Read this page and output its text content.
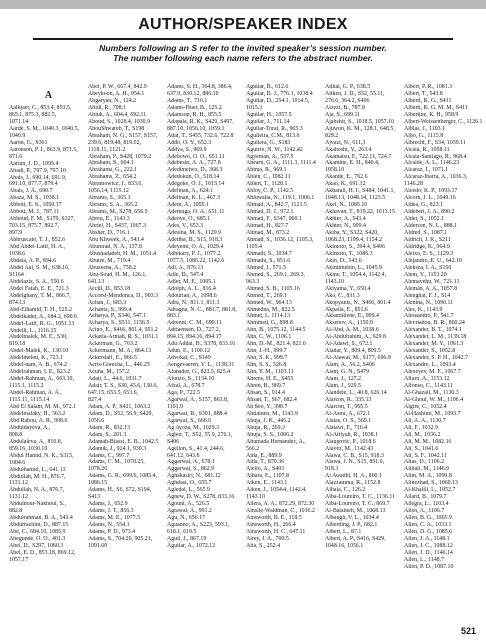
AUTHOR/SPEAKER INDEX
Numbers following an S refer to the invited speaker’s session number.
The number following each name refers to the abstract number.
A
Aalkjaer, C., 853.4, 853.5,
865.1, 875.3, 882.5,
1071.14
Aarde, S. M., 1040.3, 1040.5,
1040.9
Aaron, G., S361
Aaronson, P. I., 863.9, 871.5,
871.6
Aartun, J. D., 1095.4
Abadi, P., 797.9, 797.10
Abais, J., 690.14, 691.9,
691.10, 877.7, 879.4
Abais, J. A., 690.7
Abaza, M. S., 1038.1
Abbott, E. S., 1050.17
Abbott, M. J., 787.11
Abboud, F. M., S179, S327,
703.15, 875.7, 892.7,
897.9
Abbruscato, T. J., 852.6
Abd Abdel-Latif, H. A.,
1038.6
Abdala, A. P., 894.6
Abdel Aal, S. M., 638.16,
S1164
Abdelaziz, S. A., 550.6
Abdel Fatah, E. E., 721.3
Abdelghany, T. M., 866.7,
874.13
Abd-Elhamid, T. H., 525.2
Abdelkader, A., 684.2, 690.6
Abdel-Latif, R. G., 1051.13
Abdelli, L., 1116.15
Abdelmalek, M. E., S30,
819.18
Abdel-Malek, K., 130.10
Abdelmelou, K., 723.1
Abdel-nam, A. B., 674.2
Abdelrahman, I. E., 823.2
Abdel-Rahman, A., 663.10,
1115.1, 1115.2
Abdel-Rahman, A. A.,
1115.11, 1115.14
Abd El Salam, M. M., 972.1
Abdelmalaky, H., 363.2
Abd Rabou, A. R., 908.6
Abduldayeva, A.,
808.8
Abdulaleva, A., 810.8,
859.16, 1030.10
Abdul Hamid, N. K., S315,
1004.6
Abdulhamid, L., 641.13
Abdullah, M. H., 876.7,
1131.12
Abdullah, N. A., 876.7,
1131.12
Abdulnour-Nakhoul, S.,
882.8
Abdulrahman, B. A., 543.4
Abdurrachim, D., 887.15
Abe, C., 684.10, 1085.9
Abegunde, O. O., 401.3
Abei, D., S297, 1060.3
Abel, E. D., 853.18, 869.12,
1057.17
Abel, P. W., 667.4, 842.9
Abeykoon, A. H., 954.1
Abgaryan, N., 124.2
Abidi, R., 708.1
Abiuk, A., 604.4, 692.11
Aboud, S., 1028.4, 1030.9
AbouShwareb, T., S198
Abraham, N. G., S157, S157,
239.6, 819.48, 819.52,
1118.11, 1121.2
Abraham, P., S428, 1079.2
Abraham, S., 604.1
Abrahams, G., 222.1
Abrahams, Z., 654.2
Abramowicz, J., 833.6,
1056.14, 1115.12
Abrams, S., 365.1
Abrams, S. A., 365.2
Abrams, M., S278, 656.5
Abreu, E., 1143.3
Abriel, H., S437, 1067.3
Absher, D., 716.1
Abu Khweek, A., 543.4
Abumrad, N. A., 137.8
Abushadadeh, H. M., 1051.4
Abutre, M., 719.4
Abuzeena, A., 758.2
Abu-Soud, H. M., 126.1,
641.13
Accili, D., 853.18
Accorsi-Mendonca, D., 903.3
Achan, J., 683.3
Achanta, S., 999.4
Acharya, P., S346, 547.1
Acharya, S., S511, 1156.5
Acino, E., S466, 801.4, 951.2
Ackatia-Armah, R. S., 1031.1
Ackerman, G., 763.2
Ackermann, M. A., 864.13
Ackerstaff, E., 966.5
Acris-Gorecha, L., 446.25
Acuña, M., 157.2
Adair, L., 44.6, 1031.7
Adair, T. S., S30, 43.6, 130.6,
647.15, 653.5, 653.6,
827.4
Adam, A. P., S421, 1063.2
Adam, D., S52, 56.9, S429,
1056.6
Adam, R., 832.13
Adam, S., 201.3
Adamah-Biassi, E. B., 1042.5
Adamik, J., 924.1, 930.3
Adams, C., 997.7
Adams, C. M., 1078.25,
1078.26
Adams, G. R., 699.6, 1085.4,
1086.15
Adams, H., S6, S72, S194,
S413
Adams, J., 652.9
Adams, J. T., 856.3
Adams, M. E., 1077.5
Adams, N., 554.1
Adams, P. D., 973.4
Adams, S., 704.20, 905.21,
1091.60
Adams, S. H., 364.8, 386.4,
637.9, 830.12, 886.10
Adams, T., 710.1
Adams-Huet, B., 125.2
Adamson, R. H., 855.5
Adapala, R. K., S429, S497,
887.10, 1056.10, 1059.1
Adar, T., S455, 732.6, 722.8
Addo, O. Y., 652.3
Addya, S., 969.9
Adebowo, O. O., 651.11
Adebesin, A. A., 727.8
Adedimeiwo, D., 368.3
Adedokun, O., 518.14
Adegoke, O. J., 1013.14
Adelman, A., 624.1
Adelman, K. L., 467.3
Adem, A., 1055.1
Ademuga, O. A., 651.11
Adeoye, O., 685.1
Ades, V., 653.3
Adesina, M. S., 1129.9
Adetiba, B., S15, 918.3
Adeyemi, O. A., 1029.4
Adhikary, P. J., 1077.2,
1077.5, 1086.22, 1142.6
Adi, A., 876.13
Adle, D., 547.4
Adler, M. E., 1005.1
Adolph, A. L., 816.4
Adourian, A., 1098.6
Adra, N., 811.1, 811.3
Adragna, N. C., 881.7, 881.8,
883.1
Adrenni, C. M., 690.11
Adriaensen, D., 727.2,
894.15, 894.16, 894.17
Adu Addai, B., S378, 833.16
Adun, E., 1100.12
Advokat, C., S149
Aengevaeren, V. L., 1138.31
Afanador, G., 823.5, 825.4
Afonzo, S., 1134.10
Afzal, A., 678.7
Aga, P., 722.5
Agarwal, A., S157, 863.8,
1101.9
Agarwal, B., S301, 888.4
Agarwal, S., 666.6
Ag Ayoza, M., 1029.3
Agbor, T., S52, 55.9, 276.1,
S406
Agellon, S., 41.4, 244.6,
641.12, 643.8
Aggarwal, A., 678.1
Aggarwal, S., 862.9
Aghakasiri, N., 681.12
Aghdasi, O., 655.7
Agledal, L., 565.9
Agnew, D. W., S278, 833.16
Agouni, A., 526.5
Agrawal, A., 991.2
Agu, N., 656.17
Aguanno, A., S223, 593.1,
618.1, 619.5
Aguil, J., 867.19
Aguilar, A., 1072.12
Aguilar, B., 612.6
Aguilar, B. J., 776.1, 1038.4
Aguilar, D., 254.1, 1014.5,
1015.3
Aguilar, H., 1057.5
Aguilar, J., 711.14
Aguilar-Toral, R., 965.3
Aguileira, C.M., 813.6
Aguilera, G., S183
Aguirre, N. W., 1142.42
Agyeman, A., 537.5
Ahearn, G. A., 1111.3, 1111.4
Ahima, R., 969.1
Ahlén, C., 1082.11
Ahlert, T., 1120.1
Ahloy, C. P., 1142.5
Ahluwalia, N., 119.1, 1006.1
Ahmad, A., 842.7, 1121.5
Ahmad, D. J., 972.1
Ahmad, F., S347, 960.1
Ahmad, H., 827.7
Ahmad, M., 873.2
Ahmad, S., 1036.12, 1105.3,
1105.4
Ahmadi, S., 1034.7
Ahmadu, S., 851.6
Ahmed, I., 571.5
Ahmed, S., 269.1, 269.3,
963.3
Ahmed, S. B., 1105.16
Ahmed, T., 269.1
Ahmed, W., 964.13
Ahmedna, M., 822.5
Ahmet, I., 1114.13
Ahmmed, G., 898.8
Ahn, B., 1075.12, 1144.5
Ahn, C. W., 1106.1
Ahn, D.-M., 821.4, 821.6
Ahn, J.-H., 999.7
Ahn, S. K., 999.7
Ahn, S. S., 526.8
Ahn, Y. M., 1103.11
Ahrens, H. E., S455
Ahrén, B., 969.7
Ahsan, S., 914.4
Ahsan, T., S67, 682.4
Ah Seo, Y., 390.7
Ahtiainen, M., 1143.9
Ahuja, J. K., 445.2
Ahuja, R., 269.3
Ahuja, S. S., 1006.2
Ahumada Hernández, A.,
566.2
Aida, E., 889.9
Aida, T., 870.36
Aiello, A., S493
Aihara, E., 1107.8
Aiken, E., 1143.1
Aiken, J., 1054.4, 1142.4,
1143.10
Ailera, A. A., 872.29, 872.30
Ainslie-Waldman, C., 1016.2
Ainsworth, B. E., 118.5
Ainsworth, H., 266.4
Ainsworth, H. C., 647.11
Airey, J. A., 700.5
Aita, S., 252.4
Aithal, G. P., 638.5
Aitken, J. D., S52, 55.11,
276.6, 364.2, S406
Aizezi, B., 787.8
Aja, S., 699.11
Ajabshir, S., 1018.5, 1057.10
Ajuwon, K. M., 128.1, 648.5,
829.2
Ajvazi, N., 611.3
Akahoshi, Y., 263.4
Akamatsu, F., 722.11, 724.7
Akamine, E. H., 840.4,
1058.10
Akande, E., 762.6
Akao, K., 691.12
Akbarali, H. I., S484, 1041.1,
1048.13, 1048.14, 1123.5
Akel, N., 1085.10
Akhavan, T., 819.22, 1013.15
Akhter, A., 543.4
Akhter, N., 909.4
Akiba, Y., S322, S420,
1068.23, 1109.4, 1154.2
Akimoto, S., 394.4, S406
Akimoto, T., 1086.3
Akin, D., 543.6
Akintimehin, L., 1045.9
Akins, T., 1054.4, 1142.4,
1143.10
Akiyama, Y., 650.4
Ako, C., 831.3
Akopyants, N., S466, 801.4
Akpaila, E., 851.6
Aksamitiene, E., 999.4
Aksenov, A., 1150.9
Al-Abd, A. M., 1038.6
Al-Abdulrahim, A., 629.8
Al-Adawi, S., 672.1
Aladar, Y., 809.4, 809.5
Al-Alawai, M., S177, 696.9
Alam, A., 56.2, S406
Alam, G. N., S479
Alam, J., 127.2
Alam, J., 929.5
Alandete, L., 40.8, 626.14
Alarcon, R., 335.13
Alarcon, T., 965.5
Al-Asmi, A., 672.1
Alatas, O. S., 569.1
Alatawi, F., 716.4
Al-Attiyah, R., 1038.1
Alaupovic, P., 1018.6
Alavez, M., 1142.43
Alawa, C. B., S15, 918.3
Alawa, J. N., S15, 851.6,
918.3
Al Awadhi, H. A., 800.1
Alazzamma, R., 1152.8
Albala, C., 126.2
Alba-Loureiro, T. C., 1136.11
Alba-Loureiro, T. C., 869.7
Al-Bataineh, M., 1068.13
Albaugh, V. L., 1034.4
Alberding, J. P., 682.1
Albert, L., 87.1
Albert, A. P., S416, S429,
1048.16, 1056.1
Albert, P. R., 1081.3
Albert, T., 543.8
Alberti, K. G., S411
Alberti, K. G. M. M., S411
Albertine, K. H., 958.9
Albert-Weissenberger, C., 1126.1
Alblas, J., 1103.1
Albo, G., 1115.8
Albrecht, F., S34, 1039.11
Alcala, R., 1058.11
Alcala-Santiago, R., 968.4
Alcalde, A. L., 1146.23
Alcaraz, J., 1071.1
Alcaraz-Ibarra, A., 1036.3,
1146.28
Alcedo, K. P., 1093.17
Alcorn, J. L., 1049.16
Aldea, G., 823.1
Aldebert, J. A., 890.2
Alder, S., 1052.1
Alderson, N. L., 888.1
Aldred, S., 1087.1
Aldrich, J. K., S211
Aldridge, K., 904.9
Aleixo, E. S., 1129.3
Alejandro, E. U., 642.10
Aleksza, I. A., S150
Alem, Y., 1153.20
Alemayehu, W., 721.13
Alemán, A. A., 1057.8
Alenghat, F. J., S14
Alenina, N., 1090.11
Ales, K., 1143.9
Alessandro, P., 541.7
Alevriadou, B. R., 860.24
Alexander, B. T., 1074.1
Alexander, L. M., 1139.18
Alexander, M. Y., 1061.3
Alexander, S., 1052.8
Alexander, S. P. H., 1042.7
Alexandre, L., 1093.4
Alexeyev, M. F., 1067.7
Alfaro, A., 1153.12
Alfonso, C., 1143.11
Al-Ghazali, M., 1130.3
Al-Ghoul, W. M., 1106.4
Algire, C., 1052.4
Al-Hashimi, M., 1093.7
Ali, A. A., 1130.7
Ali, F., 1032.9
Ali, M., 1036.2
Ali, M. M., 1082.16
Ali, S., 1041.6
Ali, S. F., 1042.11
Alías, D., 1106.2
Alibali, M., 1146.9
Alim, M. A., 1099.8
Alinezhad, S., 1060.13
Al-Khalili, L., 1052.7
Allard, B., 1079.7
Allegra, L., 1103.4
Allen, A., 1106.7
Allen, B. G., 1065.9
Allen, C. A., 1033.1
Allen, D. G., 1085.6
Allen, J. A., 1148.1
Allen, J. C., 1088.12
Allen, J. D., 1146.14
Allen, L., 1148.7
Allen, P. D., 1087.10
521
